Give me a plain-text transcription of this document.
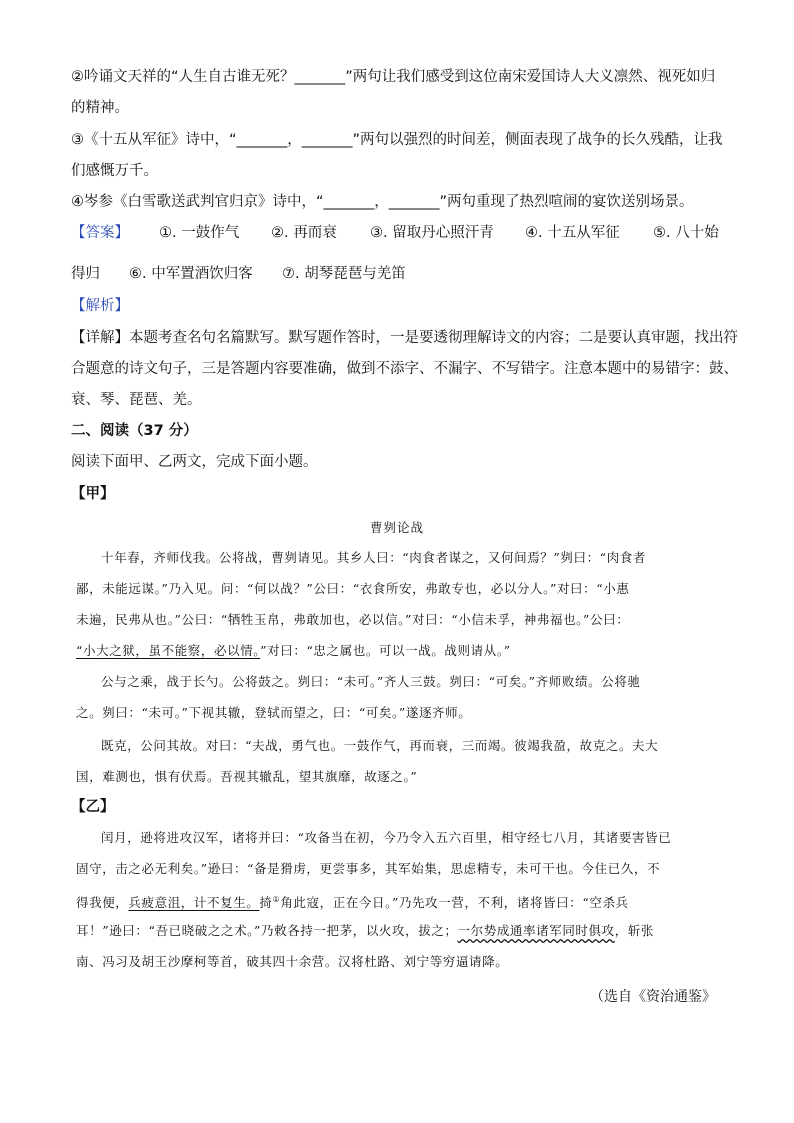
②吟诵文天祥的“人生自古谁无死？_______”两句让我们感受到这位南宋爱国诗人大义凛然、视死如归
的精神。
③《十五从军征》诗中，“_______，_______”两句以强烈的时间差，侧面表现了战争的长久残酷，让我
们感慨万千。
④岑参《白雪歌送武判官归京》诗中，“_______，_______”两句重现了热烈喧闹的宴饮送别场景。
【答案】 ①. 一鼓作气 ②. 再而衰 ③. 留取丹心照汗青 ④. 十五从军征 ⑤. 八十始
得归 ⑥. 中军置酒饮归客 ⑦. 胡琴琵琶与羌笛
【解析】
【详解】本题考查名句名篇默写。默写题作答时，一是要透彻理解诗文的内容；二是要认真审题，找出符
合题意的诗文句子，三是答题内容要准确，做到不添字、不漏字、不写错字。注意本题中的易错字：鼓、
衰、琴、琵琶、羌。
二、阅读（37 分）
阅读下面甲、乙两文，完成下面小题。
【甲】
曹刿论战
十年春，齐师伐我。公将战，曹刿请见。其乡人曰：“肉食者谋之，又何间焉？”刿曰：“肉食者
鄙，未能远谋。”乃入见。问：“何以战？”公曰：“衣食所安，弗敢专也，必以分人。”对曰：“小惠
未遍，民弗从也。”公曰：“牺牲玉帛，弗敢加也，必以信。”对曰：“小信未孚，神弗福也。”公曰：
“小大之狱，虽不能察，必以情。”对曰：“忠之属也。可以一战。战则请从。”
公与之乘，战于长勺。公将鼓之。刿曰：“未可。”齐人三鼓。刿曰：“可矣。”齐师败绩。公将驰
之。刿曰：“未可。”下视其辙，登轼而望之，曰：“可矣。”遂逐齐师。
既克，公问其故。对曰：“夫战，勇气也。一鼓作气，再而衰，三而竭。彼竭我盈，故克之。夫大
国，难测也，惧有伏焉。吾视其辙乱，望其旗靡，故逐之。”
【乙】
闰月，逊将进攻汉军，诸将并曰：“攻备当在初，今乃令入五六百里，相守经七八月，其诸要害皆已
固守，击之必无利矣。”逊曰：“备是猾虏，更尝事多，其军始集，思虑精专，未可干也。今住已久，不
得我便，兵疲意沮，计不复生。掎①角此寇，正在今日。”乃先攻一营，不利，诸将皆曰：“空杀兵
耳！”逊曰：“吾已晓破之之术。”乃敕各持一把茅，以火攻，拔之；一尔势成通率诸军同时俱攻，斩张
南、冯习及胡王沙摩柯等首，破其四十余营。汉将杜路、刘宁等穷逼请降。
（选自《资治通鉴》
